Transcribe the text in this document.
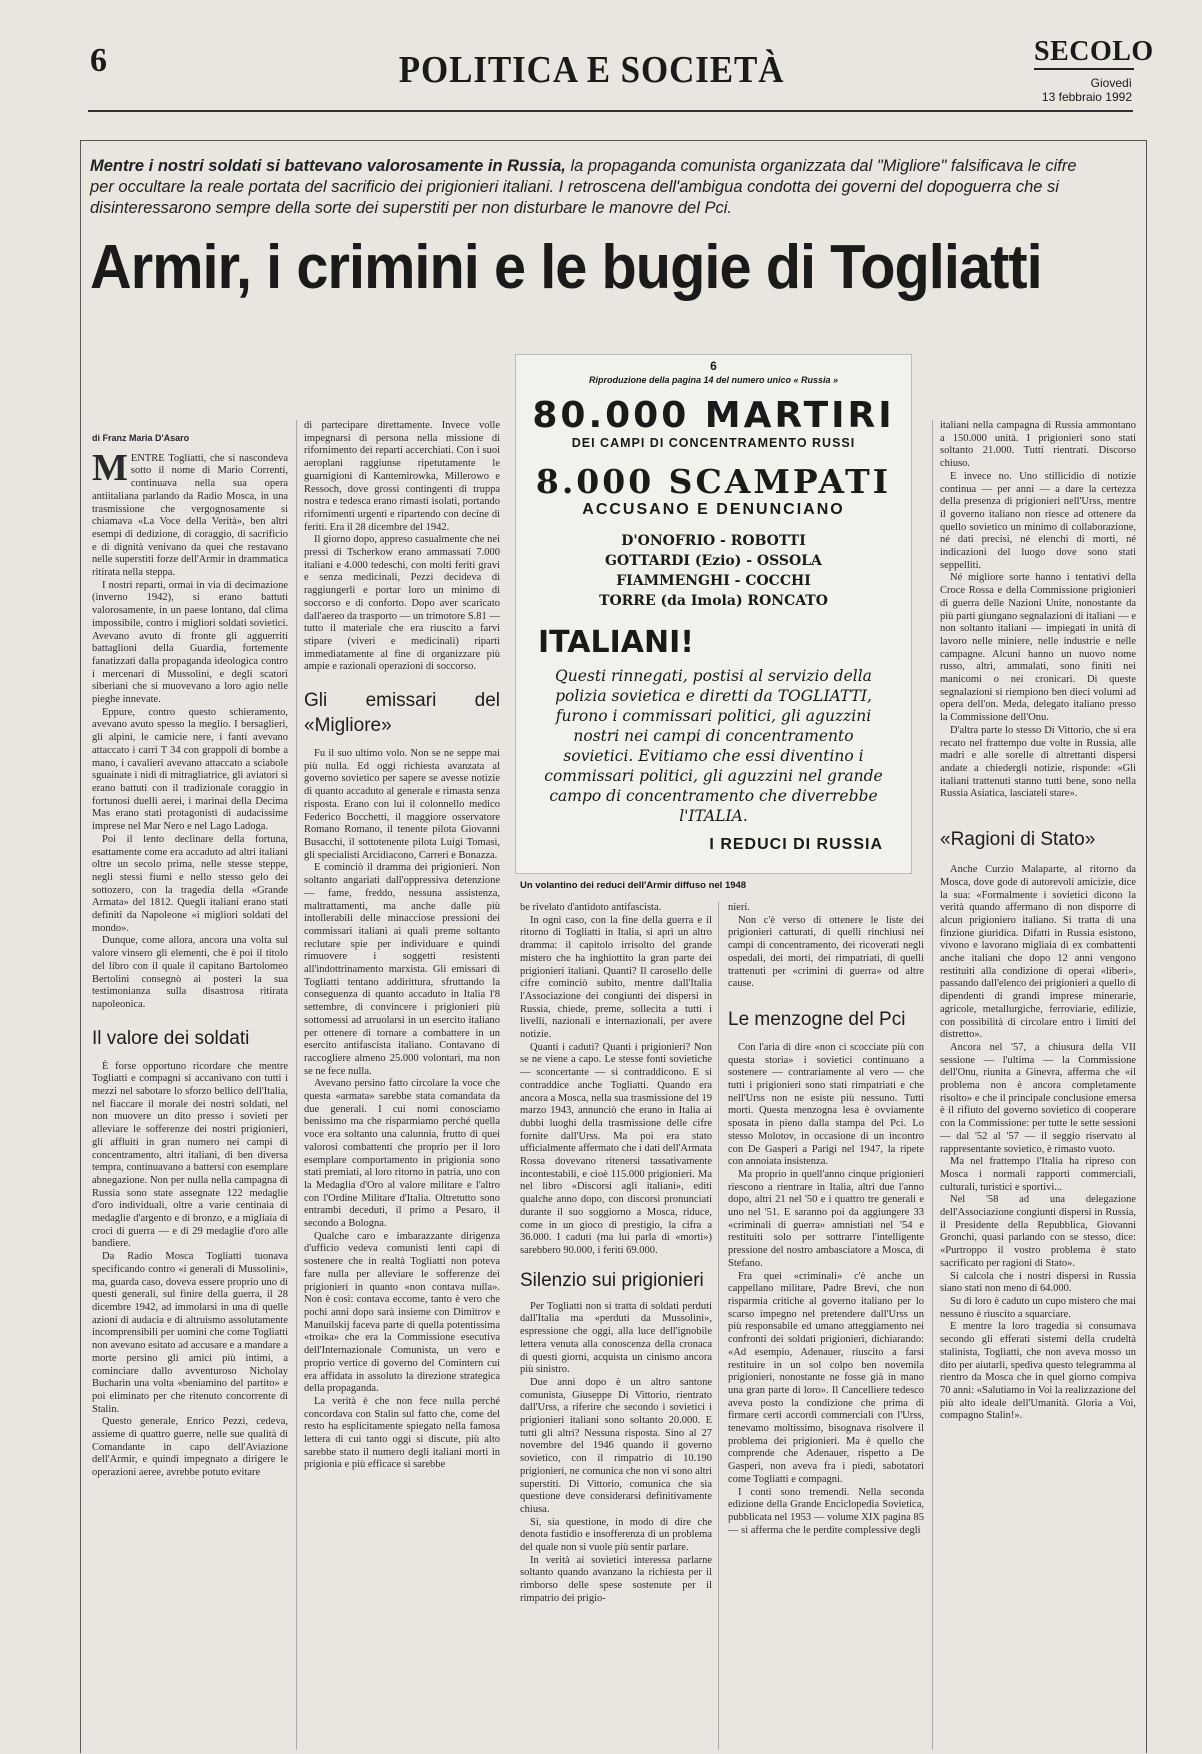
6	POLITICA E SOCIETÀ	SECOLO
Giovedì
13 febbraio 1992
Mentre i nostri soldati si battevano valorosamente in Russia, la propaganda comunista organizzata dal "Migliore" falsificava le cifre per occultare la reale portata del sacrificio dei prigionieri italiani. I retroscena dell'ambigua condotta dei governi del dopoguerra che si disinteressarono sempre della sorte dei superstiti per non disturbare le manovre del Pci.
Armir, i crimini e le bugie di Togliatti
di Franz Maria D'Asaro

MENTRE Togliatti, che si nascondeva sotto il nome di Mario Correnti, continuava nella sua opera antiitaliana parlando da Radio Mosca, in una trasmissione che vergognosamente si chiamava «La Voce della Verità», ben altri esempi di dedizione, di coraggio, di sacrificio e di dignità venivano da quei che restavano nelle superstiti forze dell'Armir in drammatica ritirata nella steppa.

I nostri reparti, ormai in via di decimazione (inverno 1942), si erano battuti valorosamente, in un paese lontano, dal clima impossibile, contro i migliori soldati sovietici. Avevano avuto di fronte gli agguerriti battaglioni della Guardia, fortemente fanatizzati dalla propaganda ideologica contro i mercenari di Mussolini, e degli scatori siberiani che si muovevano a loro agio nelle pieghe innevate.

Eppure, contro questo schieramento, avevano avuto spesso la meglio. I bersaglieri, gli alpini, le camicie nere, i fanti avevano attaccato i carri T 34 con grappoli di bombe a mano, i cavalieri avevano attaccato a sciabole sguainate i nidi di mitragliatrice, gli aviatori si erano battuti con il tradizionale coraggio in fortunosi duelli aerei, i marinai della Decima Mas erano stati protagonisti di audacissime imprese nel Mar Nero e nel Lago Ladoga.

Poi il lento declinare della fortuna, esattamente come era accaduto ad altri italiani oltre un secolo prima, nelle stesse steppe, negli stessi fiumi e nello stesso gelo dei sottozero, con la tragedia della «Grande Armata» del 1812. Quegli italiani erano stati definiti da Napoleone «i migliori soldati del mondo».

Dunque, come allora, ancora una volta sul valore vinsero gli elementi, che è poi il titolo del libro con il quale il capitano Bartolomeo Bertolini consegnò ai posteri la sua testimonianza sulla disastrosa ritirata napoleonica.

Il valore dei soldati

È forse opportuno ricordare che mentre Togliatti e compagni si accanivano con tutti i mezzi nel sabotare lo sforzo bellico dell'Italia, nel fiaccare il morale dei nostri soldati, nel non muovere un dito presso i sovieti per alleviare le sofferenze dei nostri prigionieri, gli affluiti in gran numero nei campi di concentramento, altri italiani, di ben diversa tempra, continuavano a battersi con esemplare abnegazione. Non per nulla nella campagna di Russia sono state assegnate 122 medaglie d'oro individuali, oltre a varie centinaia di medaglie d'argento e di bronzo, e a migliaia di croci di guerra — e di 29 medaglie d'oro alle bandiere.

Da Radio Mosca Togliatti tuonava specificando contro «i generali di Mussolini», ma, guarda caso, doveva essere proprio uno di questi generali, sul finire della guerra, il 28 dicembre 1942, ad immolarsi in una di quelle azioni di audacia e di altruismo assolutamente incomprensibili per uomini che come Togliatti non avevano esitato ad accusare e a mandare a morte persino gli amici più intimi, a cominciare dallo avventuroso Nicholay Bucharin una volta «beniamino del partito» e poi eliminato per che ritenuto concorrente di Stalin.

Questo generale, Enrico Pezzi, cedeva, assieme di quattro guerre, nelle sue qualità di Comandante in capo dell'Aviazione dell'Armir, e quindi impegnato a dirigere le operazioni aeree, avrebbe potuto evitare

di partecipare direttamente. Invece volle impegnarsi di persona nella missione di rifornimento dei reparti accerchiati. Con i suoi aeroplani raggiunse ripetutamente le guarnigioni di Kantemirowka, Millerowo e Ressoch, dove grossi contingenti di truppa nostra e tedesca erano rimasti isolati, portando rifornimenti urgenti e ripartendo con decine di feriti. Era il 28 dicembre del 1942.

Il giorno dopo, appreso casualmente che nei pressi di Tscherkow erano ammassati 7.000 italiani e 4.000 tedeschi, con molti feriti gravi e senza medicinali, Pezzi decideva di raggiungerli e portar loro un minimo di soccorso e di conforto. Dopo aver scaricato dall'aereo da trasporto — un trimotore S.81 — tutto il materiale che era riuscito a farvi stipare (viveri e medicinali) ripartì immediatamente al fine di organizzare più ampie e razionali operazioni di soccorso.

Gli emissari del «Migliore»

Fu il suo ultimo volo. Non se ne seppe mai più nulla. Ed oggi richiesta avanzata al governo sovietico per sapere se avesse notizie di quanto accaduto al generale e rimasta senza risposta. Erano con lui il colonnello medico Federico Bocchetti, il maggiore osservatore Romano Romano, il tenente pilota Giovanni Busacchi, il sottotenente pilota Luigi Tomasi, gli specialisti Arcidiacono, Carreri e Bonazza.

E cominciò il dramma dei prigionieri. Non soltanto angariati dall'oppressiva detenzione — fame, freddo, nessuna assistenza, maltrattamenti, ma anche dalle più intollerabili delle minacciose pressioni dei commissari italiani ai quali preme soltanto reclutare spie per individuare e quindi rimuovere i soggetti resistenti all'indottrinamento marxista. Gli emissari di Togliatti tentano addirittura, sfruttando la conseguenza di quanto accaduto in Italia l'8 settembre, di convincere i prigionieri più sottomessi ad arruolarsi in un esercito italiano per ottenere di tornare a combattere in un esercito antifascista italiano. Contavano di raccogliere almeno 25.000 volontari, ma non se ne fece nulla.

Avevano persino fatto circolare la voce che questa «armata» sarebbe stata comandata da due generali. I cui nomi conosciamo benissimo ma che risparmiamo perché quella voce era soltanto una calunnia, frutto di quei valorosi combattenti che proprio per il loro esemplare comportamento in prigionia sono stati premiati, al loro ritorno in patria, uno con la Medaglia d'Oro al valore militare e l'altro con l'Ordine Militare d'Italia. Oltretutto sono entrambi deceduti, il primo a Pesaro, il secondo a Bologna.

Qualche caro e imbarazzante dirigenza d'ufficio vedeva comunisti lenti capi di sostenere che in realtà Togliatti non poteva fare nulla per alleviare le sofferenze dei prigionieri in quanto «non contava nulla». Non è così: contava eccome, tanto è vero che pochi anni dopo sarà insieme con Dimitrov e Manuilskij faceva parte di quella potentissima «troika» che era la Commissione esecutiva dell'Internazionale Comunista, un vero e proprio vertice di governo del Comintern cui era affidata in assoluto la direzione strategica della propaganda.

La verità è che non fece nulla perché concordava con Stalin sul fatto che, come del resto ha esplicitamente spiegato nella famosa lettera di cui tanto oggi si discute, più alto sarebbe stato il numero degli italiani morti in prigionia e più efficace si sarebbe

6
Riproduzione della pagina 14 del numero unico « Russia »
80.000 MARTIRI
DEI CAMPI DI CONCENTRAMENTO RUSSI
8.000 SCAMPATI
ACCUSANO E DENUNCIANO
D'ONOFRIO - ROBOTTI
GOTTARDI (Ezio) - OSSOLA
FIAMMENGHI - COCCHI
TORRE (da Imola) RONCATO
ITALIANI!
Questi rinnegati, postisi al servizio della polizia sovietica e diretti da TOGLIATTI, furono i commissari politici, gli aguzzini nostri nei campi di concentramento sovietici. Evitiamo che essi diventino i commissari politici, gli aguzzini nel grande campo di concentramento che diverrebbe l'ITALIA.
I REDUCI DI RUSSIA
Un volantino dei reduci dell'Armir diffuso nel 1948

be rivelato d'antidoto antifascista.

In ogni caso, con la fine della guerra e il ritorno di Togliatti in Italia, si aprì un altro dramma: il capitolo irrisolto del grande mistero che ha inghiottito la gran parte dei prigionieri italiani. Quanti? Il carosello delle cifre cominciò subito, mentre dall'Italia l'Associazione dei congiunti dei dispersi in Russia, chiede, preme, sollecita a tutti i livelli, nazionali e internazionali, per avere notizie.

Quanti i caduti? Quanti i prigionieri? Non se ne viene a capo. Le stesse fonti sovietiche — sconcertante — si contraddicono. E si contraddice anche Togliatti. Quando era ancora a Mosca, nella sua trasmissione del 19 marzo 1943, annunciò che erano in Italia ai dubbi luoghi della trasmissione delle cifre fornite dall'Urss. Ma poi era stato ufficialmente affermato che i dati dell'Armata Rossa dovevano ritenersi tassativamente incontestabili, e cioè 115.000 prigionieri. Ma nel libro «Discorsi agli italiani», editi qualche anno dopo, con discorsi pronunciati durante il suo soggiorno a Mosca, riduce, come in un gioco di prestigio, la cifra a 36.000. I caduti (ma lui parla di «morti») sarebbero 90.000, i feriti 69.000.

Silenzio sui prigionieri

Per Togliatti non si tratta di soldati perduti dall'Italia ma «perduti da Mussolini», espressione che oggi, alla luce dell'ignobile lettera venuta alla conoscenza della cronaca di questi giorni, acquista un cinismo ancora più sinistro.

Due anni dopo è un altro santone comunista, Giuseppe Di Vittorio, rientrato dall'Urss, a riferire che secondo i sovietici i prigionieri italiani sono soltanto 20.000. E tutti gli altri? Nessuna risposta. Sino al 27 novembre del 1946 quando il governo sovietico, con il rimpatrio di 10.190 prigionieri, ne comunica che non vi sono altri superstiti. Di Vittorio, comunica che sia questione deve considerarsi definitivamente chiusa.

Si, sia questione, in modo di dire che denota fastidio e insofferenza di un problema del quale non si vuole più sentir parlare.

In verità ai sovietici interessa parlarne soltanto quando avanzano la richiesta per il rimborso delle spese sostenute per il rimpatrio dei prigio-

nieri.

Non c'è verso di ottenere le liste dei prigionieri catturati, di quelli rinchiusi nei campi di concentramento, dei ricoverati negli ospedali, dei morti, dei rimpatriati, di quelli trattenuti per «crimini di guerra» od altre cause.

Le menzogne del Pci

Con l'aria di dire «non ci scocciate più con questa storia» i sovietici continuano a sostenere — contrariamente al vero — che tutti i prigionieri sono stati rimpatriati e che nell'Urss non ne esiste più nessuno. Tutti morti. Questa menzogna lesa è ovviamente sposata in pieno dalla stampa del Pci. Lo stesso Molotov, in occasione di un incontro con De Gasperi a Parigi nel 1947, la ripete con annoiata insistenza.

Ma proprio in quell'anno cinque prigionieri riescono a rientrare in Italia, altri due l'anno dopo, altri 21 nel '50 e i quattro tre generali e uno nel '51. E saranno poi da aggiungere 33 «criminali di guerra» amnistiati nel '54 e restituiti solo per sottrarre l'intelligente pressione del nostro ambasciatore a Mosca, di Stefano.

Fra quei «criminali» c'è anche un cappellano militare, Padre Brevi, che non risparmia critiche al governo italiano per lo scarso impegno nel pretendere dall'Urss un più responsabile ed umano atteggiamento nei confronti dei soldati prigionieri, dichiarando: «Ad esempio, Adenauer, riuscito a farsi restituire in un sol colpo ben novemila prigionieri, nonostante ne fosse già in mano una gran parte di loro». Il Cancelliere tedesco aveva posto la condizione che prima di firmare certi accordi commerciali con l'Urss, tenevamo moltissimo, bisognava risolvere il problema dei prigionieri. Ma è quello che comprende che Adenauer, rispetto a De Gasperi, non aveva fra i piedi, sabotatori come Togliatti e compagni.

I conti sono tremendi. Nella seconda edizione della Grande Enciclopedia Sovietica, pubblicata nel 1953 — volume XIX pagina 85 — si afferma che le perdite complessive degli

italiani nella campagna di Russia ammontano a 150.000 unità. I prigionieri sono stati soltanto 21.000. Tutti rientrati. Discorso chiuso.

E invece no. Uno stillicidio di notizie continua — per anni — a dare la certezza della presenza di prigionieri nell'Urss, mentre il governo italiano non riesce ad ottenere da quello sovietico un minimo di collaborazione, né dati precisi, né elenchi di morti, né indicazioni del luogo dove sono stati seppelliti.

Né migliore sorte hanno i tentativi della Croce Rossa e della Commissione prigionieri di guerra delle Nazioni Unite, nonostante da più parti giungano segnalazioni di italiani — e non soltanto italiani — impiegati in unità di lavoro nelle miniere, nelle industrie e nelle campagne. Alcuni hanno un nuovo nome russo, altri, ammalati, sono finiti nei manicomi o nei cronicari. Di queste segnalazioni si riempiono ben dieci volumi ad opera dell'on. Meda, delegato italiano presso la Commissione dell'Onu.

D'altra parte lo stesso Di Vittorio, che si era recato nel frattempo due volte in Russia, alle madri e alle sorelle di altrettanti dispersi andate a chiedergli notizie, risponde: «Gli italiani trattenuti stanno tutti bene, sono nella Russia Asiatica, lasciateli stare».

«Ragioni di Stato»

Anche Curzio Malaparte, al ritorno da Mosca, dove gode di autorevoli amicizie, dice la sua: «Formalmente i sovietici dicono la verità quando affermano di non disporre di alcun prigioniero italiano. Si tratta di una finzione giuridica. Difatti in Russia esistono, vivono e lavorano migliaia di ex combattenti anche italiani che dopo 12 anni vengono restituiti alla condizione di operai «liberi», passando dall'elenco dei prigionieri a quello di dipendenti di grandi imprese minerarie, agricole, metallurgiche, ferroviarie, edilizie, con possibilità di circolare entro i limiti del distretto».

Ancora nel '57, a chiusura della VII sessione — l'ultima — la Commissione dell'Onu, riunita a Ginevra, afferma che «il problema non è ancora completamente risolto» e che il principale conclusione emersa è il rifiuto del governo sovietico di cooperare con la Commissione: per tutte le sette sessioni — dal '52 al '57 — il seggio riservato al rappresentante sovietico, è rimasto vuoto.

Ma nel frattempo l'Italia ha ripreso con Mosca i normali rapporti commerciali, culturali, turistici e sportivi...

Nel '58 ad una delegazione dell'Associazione congiunti dispersi in Russia, il Presidente della Repubblica, Giovanni Gronchi, quasi parlando con se stesso, dice: «Purtroppo il vostro problema è stato sacrificato per ragioni di Stato».

Si calcola che i nostri dispersi in Russia siano stati non meno di 64.000.

Su di loro è caduto un cupo mistero che mai nessuno è riuscito a squarciare.

E mentre la loro tragedia si consumava secondo gli efferati sistemi della crudeltà stalinista, Togliatti, che non aveva mosso un dito per aiutarli, spediva questo telegramma al rientro da Mosca che in quel giorno compiva 70 anni: «Salutiamo in Voi la realizzazione del più alto ideale dell'Umanità. Gloria a Voi, compagno Stalin!».
